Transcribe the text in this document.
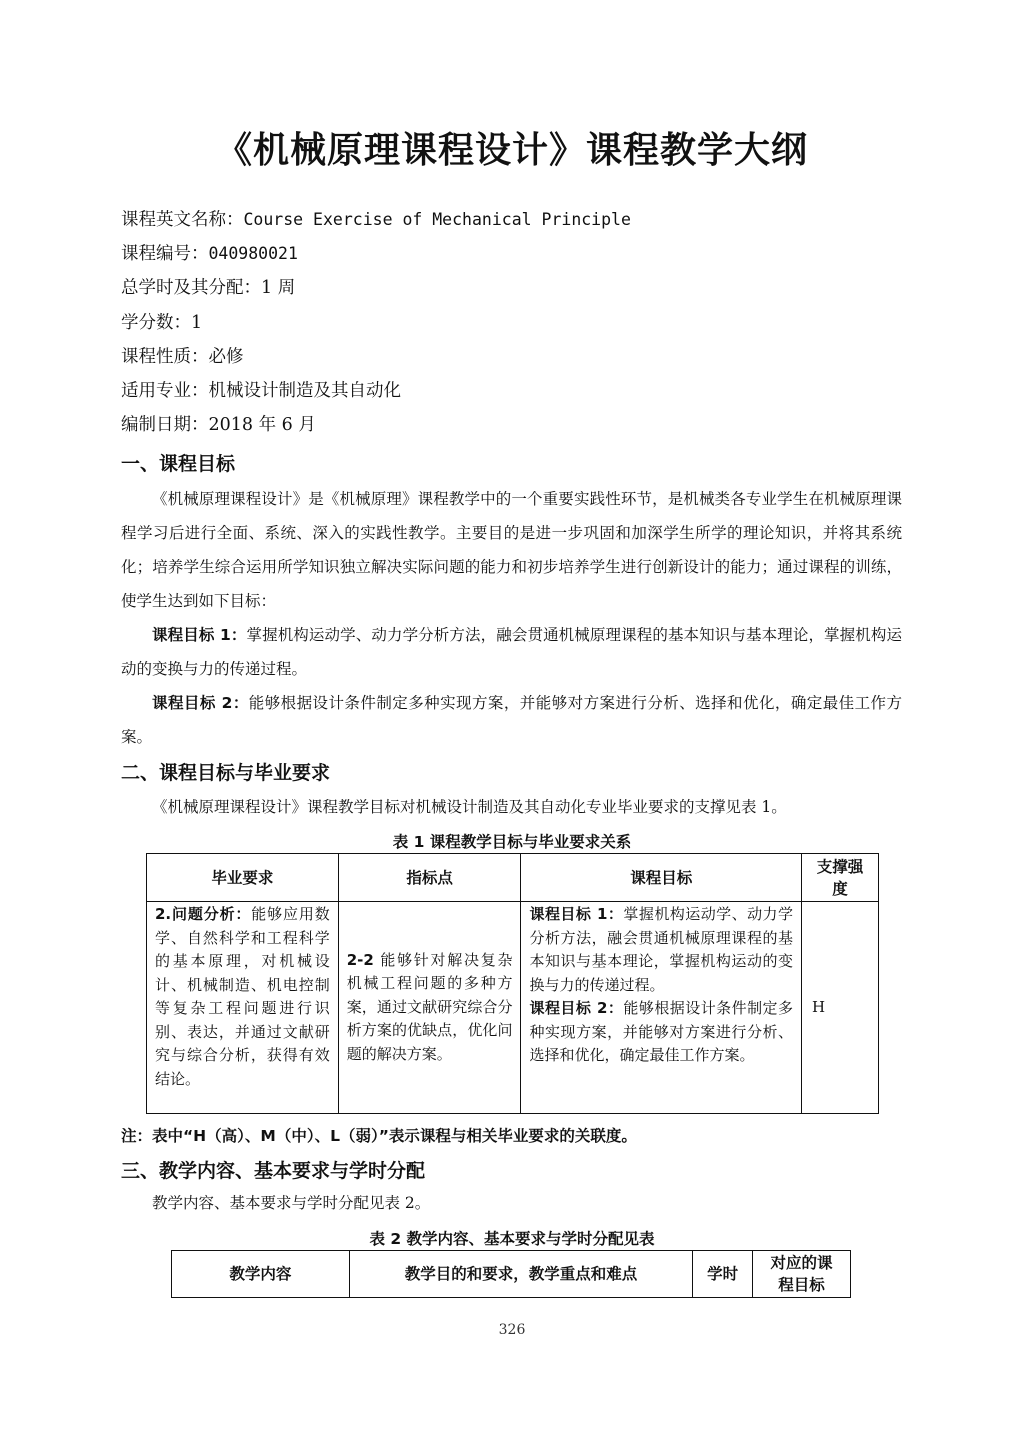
《机械原理课程设计》课程教学大纲
课程英文名称：Course Exercise of Mechanical Principle
课程编号：040980021
总学时及其分配：1 周
学分数：1
课程性质：必修
适用专业：机械设计制造及其自动化
编制日期：2018 年 6 月
一、课程目标
《机械原理课程设计》是《机械原理》课程教学中的一个重要实践性环节，是机械类各专业学生在机械原理课程学习后进行全面、系统、深入的实践性教学。主要目的是进一步巩固和加深学生所学的理论知识，并将其系统化；培养学生综合运用所学知识独立解决实际问题的能力和初步培养学生进行创新设计的能力；通过课程的训练，使学生达到如下目标：
课程目标 1：掌握机构运动学、动力学分析方法，融会贯通机械原理课程的基本知识与基本理论，掌握机构运动的变换与力的传递过程。
课程目标 2：能够根据设计条件制定多种实现方案，并能够对方案进行分析、选择和优化，确定最佳工作方案。
二、课程目标与毕业要求
《机械原理课程设计》课程教学目标对机械设计制造及其自动化专业毕业要求的支撑见表 1。
表 1 课程教学目标与毕业要求关系
毕业要求	指标点	课程目标	支撑强度
2.问题分析：能够应用数学、自然科学和工程科学的基本原理，对机械设计、机械制造、机电控制等复杂工程问题进行识别、表达，并通过文献研究与综合分析，获得有效结论。	2-2 能够针对解决复杂机械工程问题的多种方案，通过文献研究综合分析方案的优缺点，优化问题的解决方案。	课程目标 1：掌握机构运动学、动力学分析方法，融会贯通机械原理课程的基本知识与基本理论，掌握机构运动的变换与力的传递过程。
课程目标 2：能够根据设计条件制定多种实现方案，并能够对方案进行分析、选择和优化，确定最佳工作方案。	H
注：表中“H（高）、M（中）、L（弱）”表示课程与相关毕业要求的关联度。
三、教学内容、基本要求与学时分配
教学内容、基本要求与学时分配见表 2。
表 2 教学内容、基本要求与学时分配见表
教学内容	教学目的和要求，教学重点和难点	学时	对应的课程目标
326
